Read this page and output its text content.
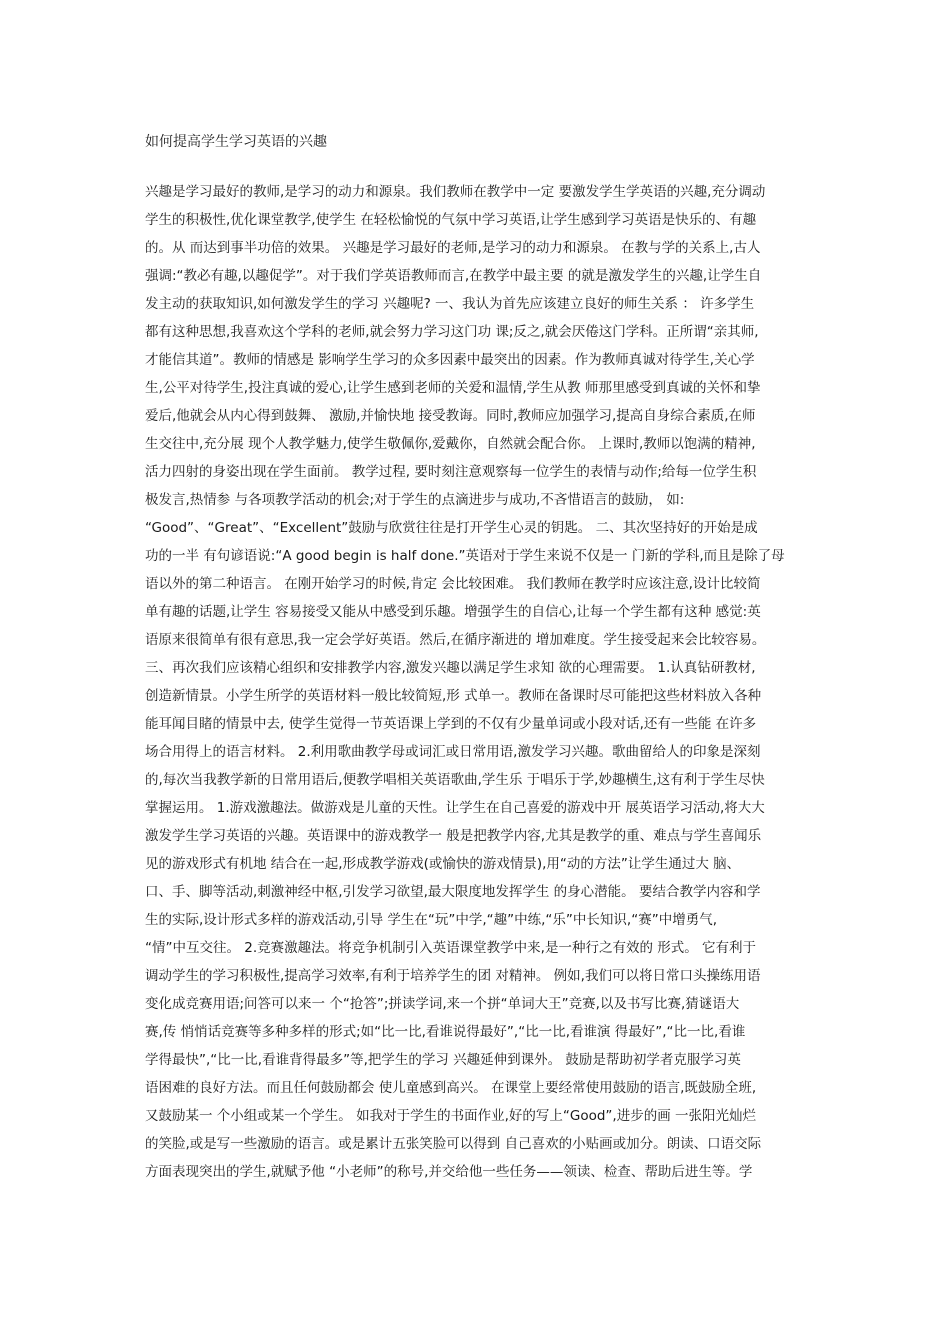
如何提高学生学习英语的兴趣
兴趣是学习最好的教师,是学习的动力和源泉。我们教师在教学中一定 要激发学生学英语的兴趣,充分调动
学生的积极性,优化课堂教学,使学生 在轻松愉悦的气氛中学习英语,让学生感到学习英语是快乐的、有趣
的。从 而达到事半功倍的效果。 兴趣是学习最好的老师,是学习的动力和源泉。 在教与学的关系上,古人
强调:“教必有趣,以趣促学”。对于我们学英语教师而言,在教学中最主要 的就是激发学生的兴趣,让学生自
发主动的获取知识,如何激发学生的学习 兴趣呢? 一、我认为首先应该建立良好的师生关系 ： 许多学生
都有这种思想,我喜欢这个学科的老师,就会努力学习这门功 课;反之,就会厌倦这门学科。正所谓“亲其师,
才能信其道”。教师的情感是 影响学生学习的众多因素中最突出的因素。作为教师真诚对待学生,关心学
生,公平对待学生,投注真诚的爱心,让学生感到老师的关爱和温情,学生从教 师那里感受到真诚的关怀和挚
爱后,他就会从内心得到鼓舞、 激励,并愉快地 接受教诲。同时,教师应加强学习,提高自身综合素质,在师
生交往中,充分展 现个人教学魅力,使学生敬佩你,爱戴你，自然就会配合你。 上课时,教师以饱满的精神,
活力四射的身姿出现在学生面前。 教学过程, 要时刻注意观察每一位学生的表情与动作;给每一位学生积
极发言,热情参 与各项教学活动的机会;对于学生的点滴进步与成功,不吝惜语言的鼓励， 如:
“Good”、“Great”、“Excellent”鼓励与欣赏往往是打开学生心灵的钥匙。 二、其次坚持好的开始是成
功的一半 有句谚语说:“A good begin is half done.”英语对于学生来说不仅是一 门新的学科,而且是除了母
语以外的第二种语言。 在刚开始学习的时候,肯定 会比较困难。 我们教师在教学时应该注意,设计比较简
单有趣的话题,让学生 容易接受又能从中感受到乐趣。增强学生的自信心,让每一个学生都有这种 感觉:英
语原来很简单有很有意思,我一定会学好英语。然后,在循序渐进的 增加难度。学生接受起来会比较容易。
三、再次我们应该精心组织和安排教学内容,激发兴趣以满足学生求知 欲的心理需要。 1.认真钻研教材,
创造新情景。小学生所学的英语材料一般比较简短,形 式单一。教师在备课时尽可能把这些材料放入各种
能耳闻目睹的情景中去, 使学生觉得一节英语课上学到的不仅有少量单词或小段对话,还有一些能 在许多
场合用得上的语言材料。 2.利用歌曲教学母或词汇或日常用语,激发学习兴趣。歌曲留给人的印象是深刻
的,每次当我教学新的日常用语后,便教学唱相关英语歌曲,学生乐 于唱乐于学,妙趣横生,这有利于学生尽快
掌握运用。 1.游戏激趣法。做游戏是儿童的天性。让学生在自己喜爱的游戏中开 展英语学习活动,将大大
激发学生学习英语的兴趣。英语课中的游戏教学一 般是把教学内容,尤其是教学的重、难点与学生喜闻乐
见的游戏形式有机地 结合在一起,形成教学游戏(或愉快的游戏情景),用“动的方法”让学生通过大 脑、
口、手、脚等活动,刺激神经中枢,引发学习欲望,最大限度地发挥学生 的身心潜能。 要结合教学内容和学
生的实际,设计形式多样的游戏活动,引导 学生在“玩”中学,“趣”中练,“乐”中长知识,“赛”中增勇气,
“情”中互交往。 2.竞赛激趣法。将竞争机制引入英语课堂教学中来,是一种行之有效的 形式。 它有利于
调动学生的学习积极性,提高学习效率,有利于培养学生的团 对精神。 例如,我们可以将日常口头操练用语
变化成竞赛用语;问答可以来一 个“抢答”;拼读学词,来一个拼“单词大王”竞赛,以及书写比赛,猜谜语大
赛,传 悄悄话竞赛等多种多样的形式;如“比一比,看谁说得最好”,“比一比,看谁演 得最好”,“比一比,看谁
学得最快”,“比一比,看谁背得最多”等,把学生的学习 兴趣延伸到课外。 鼓励是帮助初学者克服学习英
语困难的良好方法。而且任何鼓励都会 使儿童感到高兴。 在课堂上要经常使用鼓励的语言,既鼓励全班,
又鼓励某一 个小组或某一个学生。 如我对于学生的书面作业,好的写上“Good”,进步的画 一张阳光灿烂
的笑脸,或是写一些激励的语言。或是累计五张笑脸可以得到 自己喜欢的小贴画或加分。朗读、口语交际
方面表现突出的学生,就赋予他 “小老师”的称号,并交给他一些任务——领读、检查、帮助后进生等。学
